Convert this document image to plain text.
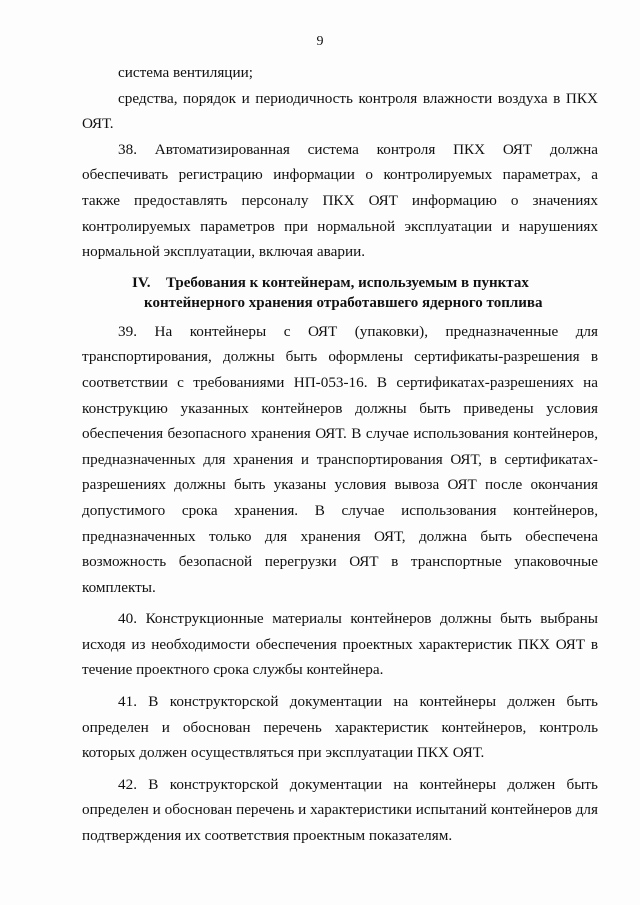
9

система вентиляции;

средства, порядок и периодичность контроля влажности воздуха в ПКХ ОЯТ.

38. Автоматизированная система контроля ПКХ ОЯТ должна обеспечивать регистрацию информации о контролируемых параметрах, а также предоставлять персоналу ПКХ ОЯТ информацию о значениях контролируемых параметров при нормальной эксплуатации и нарушениях нормальной эксплуатации, включая аварии.

IV. Требования к контейнерам, используемым в пунктах
контейнерного хранения отработавшего ядерного топлива

39. На контейнеры с ОЯТ (упаковки), предназначенные для транспортирования, должны быть оформлены сертификаты-разрешения в соответствии с требованиями НП-053-16. В сертификатах-разрешениях на конструкцию указанных контейнеров должны быть приведены условия обеспечения безопасного хранения ОЯТ. В случае использования контейнеров, предназначенных для хранения и транспортирования ОЯТ, в сертификатах-разрешениях должны быть указаны условия вывоза ОЯТ после окончания допустимого срока хранения. В случае использования контейнеров, предназначенных только для хранения ОЯТ, должна быть обеспечена возможность безопасной перегрузки ОЯТ в транспортные упаковочные комплекты.

40. Конструкционные материалы контейнеров должны быть выбраны исходя из необходимости обеспечения проектных характеристик ПКХ ОЯТ в течение проектного срока службы контейнера.

41. В конструкторской документации на контейнеры должен быть определен и обоснован перечень характеристик контейнеров, контроль которых должен осуществляться при эксплуатации ПКХ ОЯТ.

42. В конструкторской документации на контейнеры должен быть определен и обоснован перечень и характеристики испытаний контейнеров для подтверждения их соответствия проектным показателям.
